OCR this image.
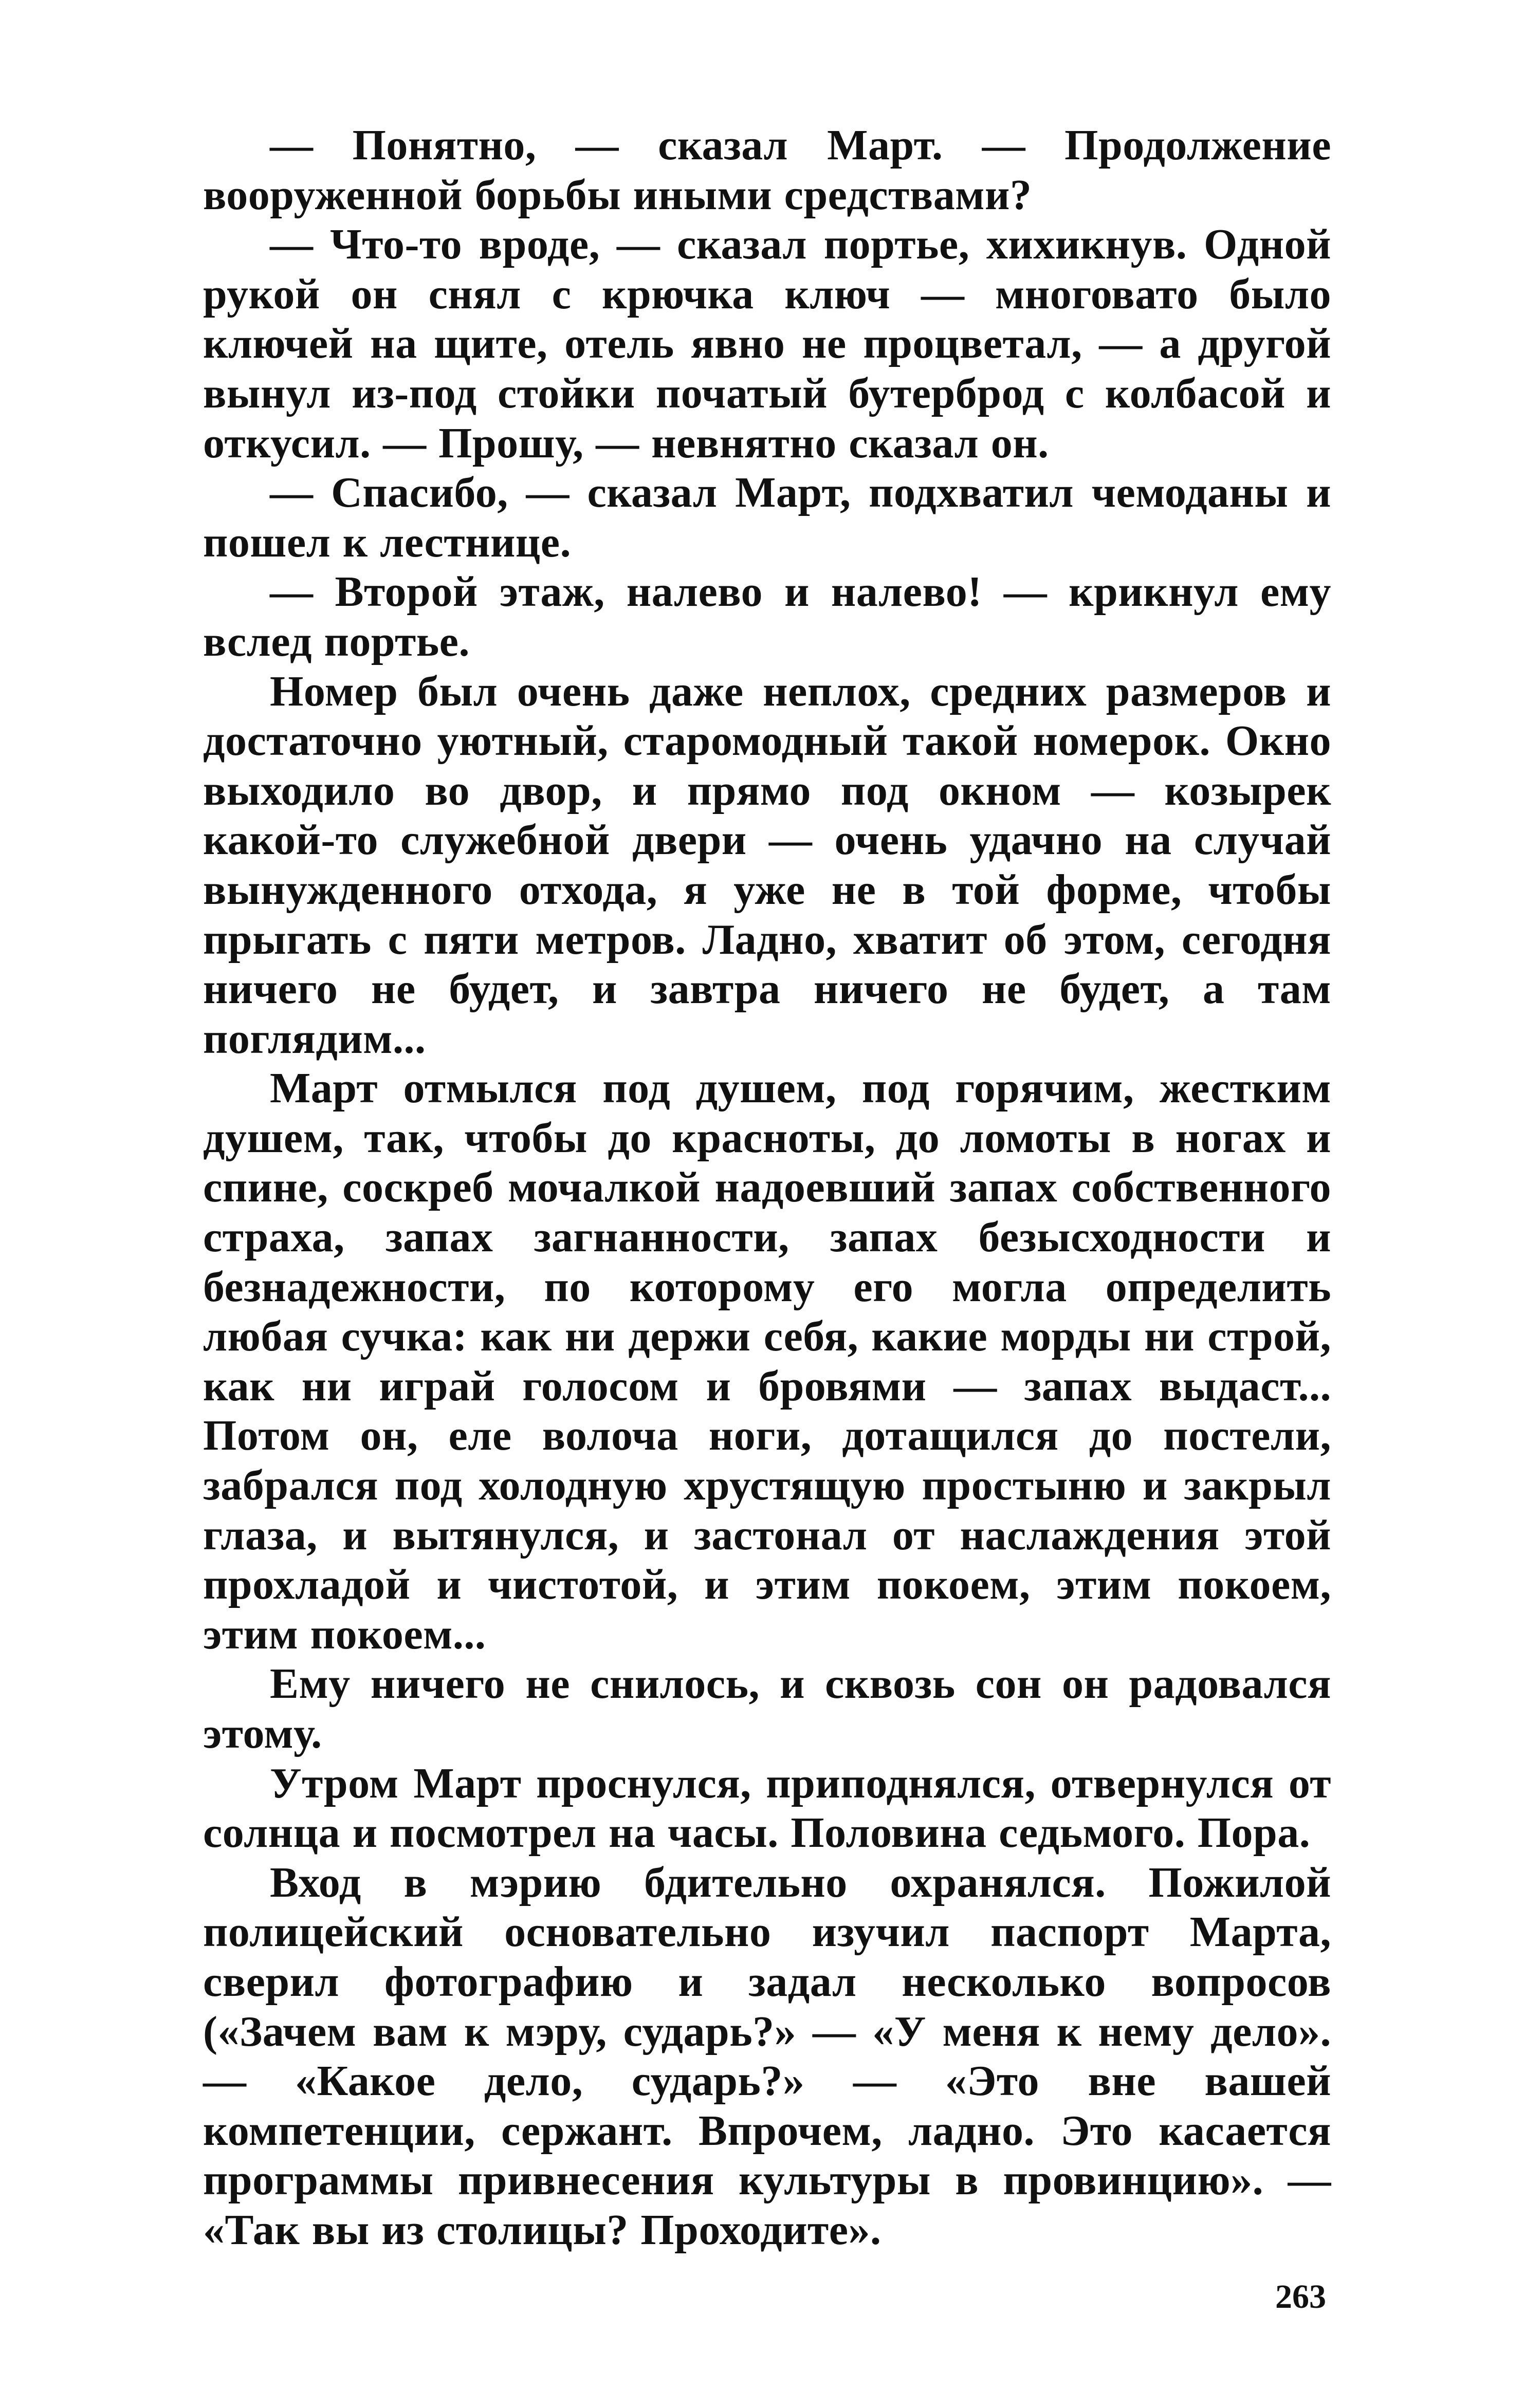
— Понятно, — сказал Март. — Продолжение вооруженной борьбы иными средствами?

— Что-то вроде, — сказал портье, хихикнув. Одной рукой он снял с крючка ключ — многовато было ключей на щите, отель явно не процветал, — а другой вынул из-под стойки початый бутерброд с колбасой и откусил. — Прошу, — невнятно сказал он.

— Спасибо, — сказал Март, подхватил чемоданы и пошел к лестнице.

— Второй этаж, налево и налево! — крикнул ему вслед портье.

Номер был очень даже неплох, средних размеров и достаточно уютный, старомодный такой номерок. Окно выходило во двор, и прямо под окном — козырек какой-то служебной двери — очень удачно на случай вынужденного отхода, я уже не в той форме, чтобы прыгать с пяти метров. Ладно, хватит об этом, сегодня ничего не будет, и завтра ничего не будет, а там поглядим...

Март отмылся под душем, под горячим, жестким душем, так, чтобы до красноты, до ломоты в ногах и спине, соскреб мочалкой надоевший запах собственного страха, запах загнанности, запах безысходности и безнадежности, по которому его могла определить любая сучка: как ни держи себя, какие морды ни строй, как ни играй голосом и бровями — запах выдаст... Потом он, еле волоча ноги, дотащился до постели, забрался под холодную хрустящую простыню и закрыл глаза, и вытянулся, и застонал от наслаждения этой прохладой и чистотой, и этим покоем, этим покоем, этим покоем...

Ему ничего не снилось, и сквозь сон он радовался этому.

Утром Март проснулся, приподнялся, отвернулся от солнца и посмотрел на часы. Половина седьмого. Пора.

Вход в мэрию бдительно охранялся. Пожилой полицейский основательно изучил паспорт Марта, сверил фотографию и задал несколько вопросов («Зачем вам к мэру, сударь?» — «У меня к нему дело». — «Какое дело, сударь?» — «Это вне вашей компетенции, сержант. Впрочем, ладно. Это касается программы привнесения культуры в провинцию». — «Так вы из столицы? Проходите».

263
